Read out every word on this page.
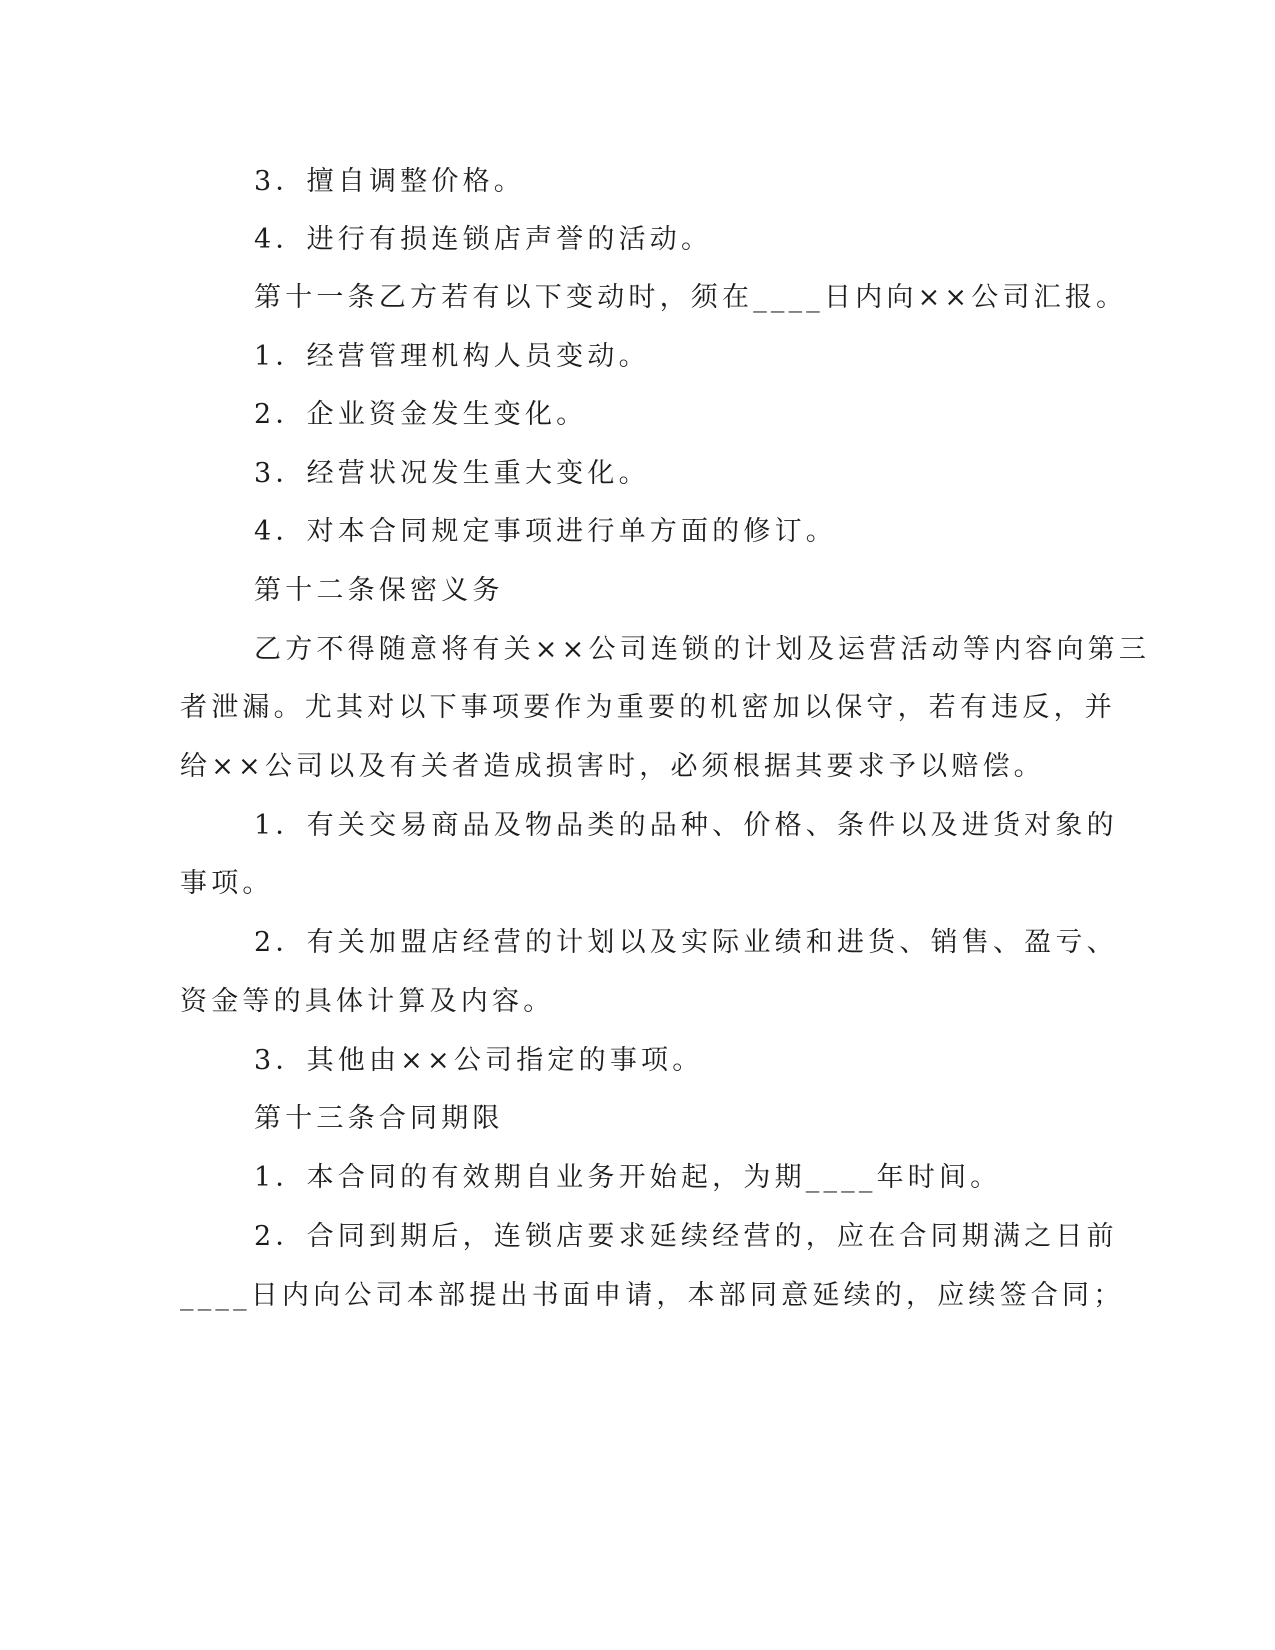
3．擅自调整价格。

4．进行有损连锁店声誉的活动。

第十一条乙方若有以下变动时，须在____日内向××公司汇报。

1．经营管理机构人员变动。

2．企业资金发生变化。

3．经营状况发生重大变化。

4．对本合同规定事项进行单方面的修订。

第十二条保密义务

乙方不得随意将有关××公司连锁的计划及运营活动等内容向第三

者泄漏。尤其对以下事项要作为重要的机密加以保守，若有违反，并

给××公司以及有关者造成损害时，必须根据其要求予以赔偿。

1．有关交易商品及物品类的品种、价格、条件以及进货对象的

事项。

2．有关加盟店经营的计划以及实际业绩和进货、销售、盈亏、

资金等的具体计算及内容。

3．其他由××公司指定的事项。

第十三条合同期限

1．本合同的有效期自业务开始起，为期____年时间。

2．合同到期后，连锁店要求延续经营的，应在合同期满之日前

____日内向公司本部提出书面申请，本部同意延续的，应续签合同；
